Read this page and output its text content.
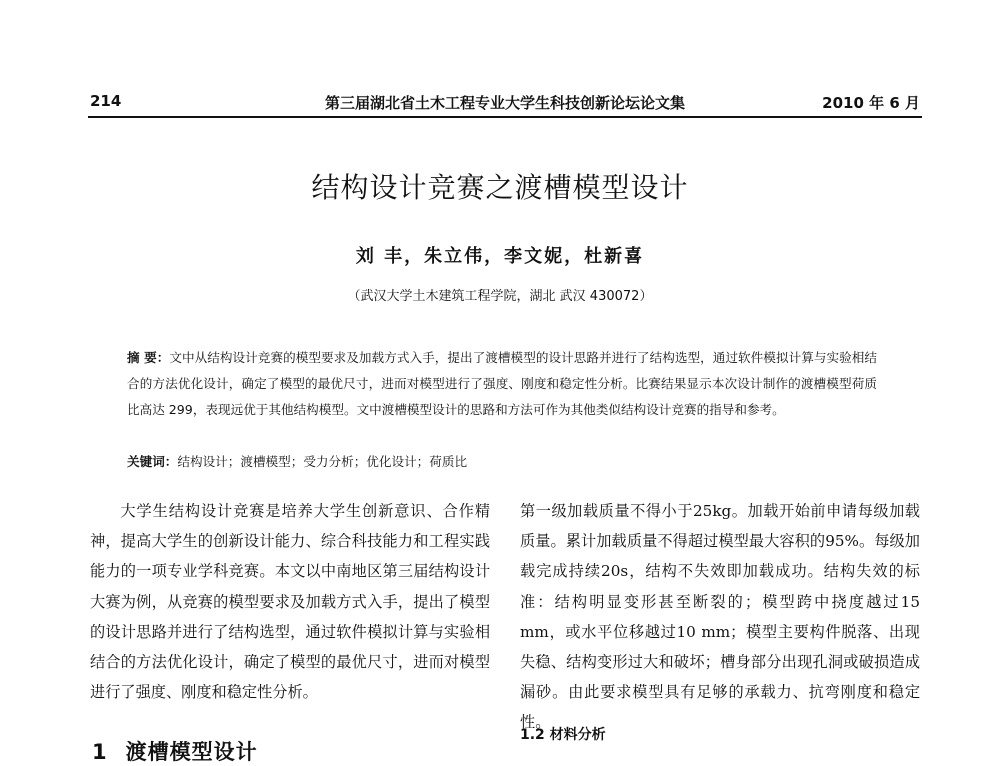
214	第三届湖北省土木工程专业大学生科技创新论坛论文集	2010 年 6 月
结构设计竞赛之渡槽模型设计
刘 丰，朱立伟，李文妮，杜新喜
（武汉大学土木建筑工程学院，湖北 武汉 430072）
摘 要：文中从结构设计竞赛的模型要求及加载方式入手，提出了渡槽模型的设计思路并进行了结构选型，通过软件模拟计算与实验相结合的方法优化设计，确定了模型的最优尺寸，进而对模型进行了强度、刚度和稳定性分析。比赛结果显示本次设计制作的渡槽模型荷质比高达 299，表现远优于其他结构模型。文中渡槽模型设计的思路和方法可作为其他类似结构设计竞赛的指导和参考。
关键词：结构设计；渡槽模型；受力分析；优化设计；荷质比

大学生结构设计竞赛是培养大学生创新意识、合作精神，提高大学生的创新设计能力、综合科技能力和工程实践能力的一项专业学科竞赛。本文以中南地区第三届结构设计大赛为例，从竞赛的模型要求及加载方式入手，提出了模型的设计思路并进行了结构选型，通过软件模拟计算与实验相结合的方法优化设计，确定了模型的最优尺寸，进而对模型进行了强度、刚度和稳定性分析。

第一级加载质量不得小于25kg。加载开始前申请每级加载质量。累计加载质量不得超过模型最大容积的95%。每级加载完成持续20s，结构不失效即加载成功。结构失效的标准：结构明显变形甚至断裂的；模型跨中挠度越过15 mm，或水平位移越过10 mm；模型主要构件脱落、出现失稳、结构变形过大和破坏；槽身部分出现孔洞或破损造成漏砂。由此要求模型具有足够的承载力、抗弯刚度和稳定性。

1.2 材料分析
1 渡槽模型设计
